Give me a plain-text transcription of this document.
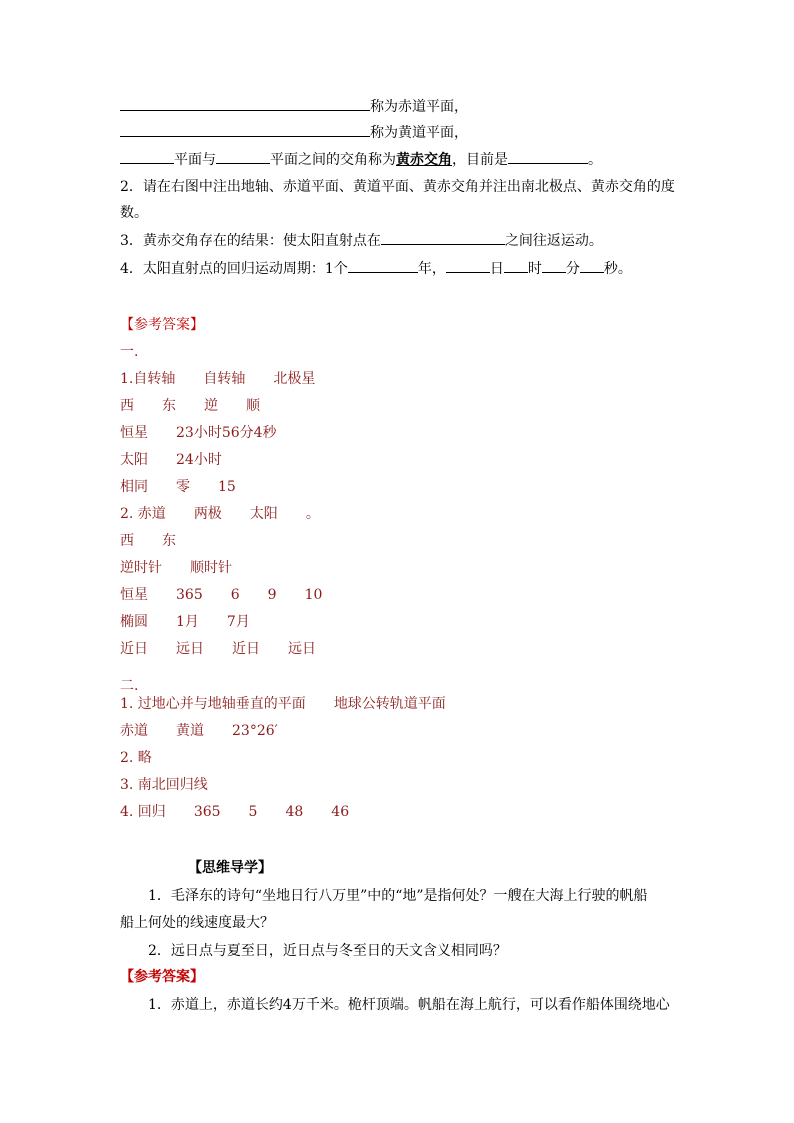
称为赤道平面，
称为黄道平面，
平面与	平面之间的交角称为黄赤交角，目前是	。
2．请在右图中注出地轴、赤道平面、黄道平面、黄赤交角并注出南北极点、黄赤交角的度
数。
3．黄赤交角存在的结果：使太阳直射点在	之间往返运动。
4．太阳直射点的回归运动周期：1个	年，	日 时 分 秒。
【参考答案】
一.
1.自转轴 自转轴 北极星
西 东 逆 顺
恒星 23小时56分4秒
太阳 24小时
相同 零 15
2. 赤道 两极 太阳 。
西 东
逆时针 顺时针
恒星 365 6 9 10
椭圆 1月 7月
近日 远日 近日 远日
二.
1. 过地心并与地轴垂直的平面 地球公转轨道平面
赤道 黄道 23°26′
2. 略
3. 南北回归线
4. 回归 365 5 48 46
【思维导学】
1．毛泽东的诗句“坐地日行八万里”中的“地”是指何处？一艘在大海上行驶的帆船
船上何处的线速度最大？
2．远日点与夏至日，近日点与冬至日的天文含义相同吗？
【参考答案】
1．赤道上，赤道长约4万千米。桅杆顶端。帆船在海上航行，可以看作船体围绕地心
